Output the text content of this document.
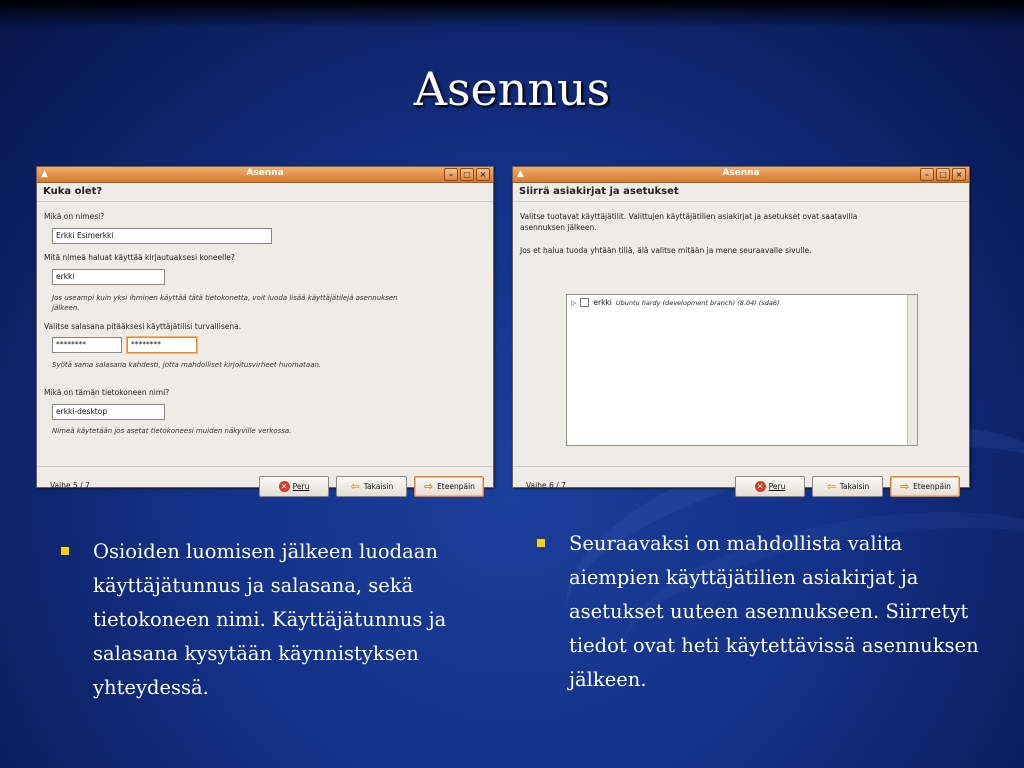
Asennus
▲	Asenna	–	□	×
Kuka olet?
Mikä on nimesi?
Erkki Esimerkki
Mitä nimeä haluat käyttää kirjautuaksesi koneelle?
erkki
Jos useampi kuin yksi ihminen käyttää tätä tietokonetta, voit luoda lisää käyttäjätilejä asennuksen
jälkeen.
Valitse salasana pitääksesi käyttäjätilisi turvallisena.
********	********
Syötä sama salasana kahdesti, jotta mahdolliset kirjoitusvirheet huomataan.
Mikä on tämän tietokoneen nimi?
erkki-desktop
Nimeä käytetään jos asetat tietokoneesi muiden näkyville verkossa.
Vaihe 5 / 7	✕ Peru	⇦ Takaisin	⇨ Eteenpäin
▲	Asenna	–	□	×
Siirrä asiakirjat ja asetukset
Valitse tuotavat käyttäjätilit. Valittujen käyttäjätilien asiakirjat ja asetukset ovat saatavilla
asennuksen jälkeen.
Jos et halua tuoda yhtään tiliä, älä valitse mitään ja mene seuraavalle sivulle.
▷ erkki Ubuntu hardy (development branch) (8.04) (sda6)
Vaihe 6 / 7	✕ Peru	⇦ Takaisin	⇨ Eteenpäin
Osioiden luomisen jälkeen luodaan käyttäjätunnus ja salasana, sekä tietokoneen nimi. Käyttäjätunnus ja salasana kysytään käynnistyksen yhteydessä.
Seuraavaksi on mahdollista valita aiempien käyttäjätilien asiakirjat ja asetukset uuteen asennukseen. Siirretyt tiedot ovat heti käytettävissä asennuksen jälkeen.
